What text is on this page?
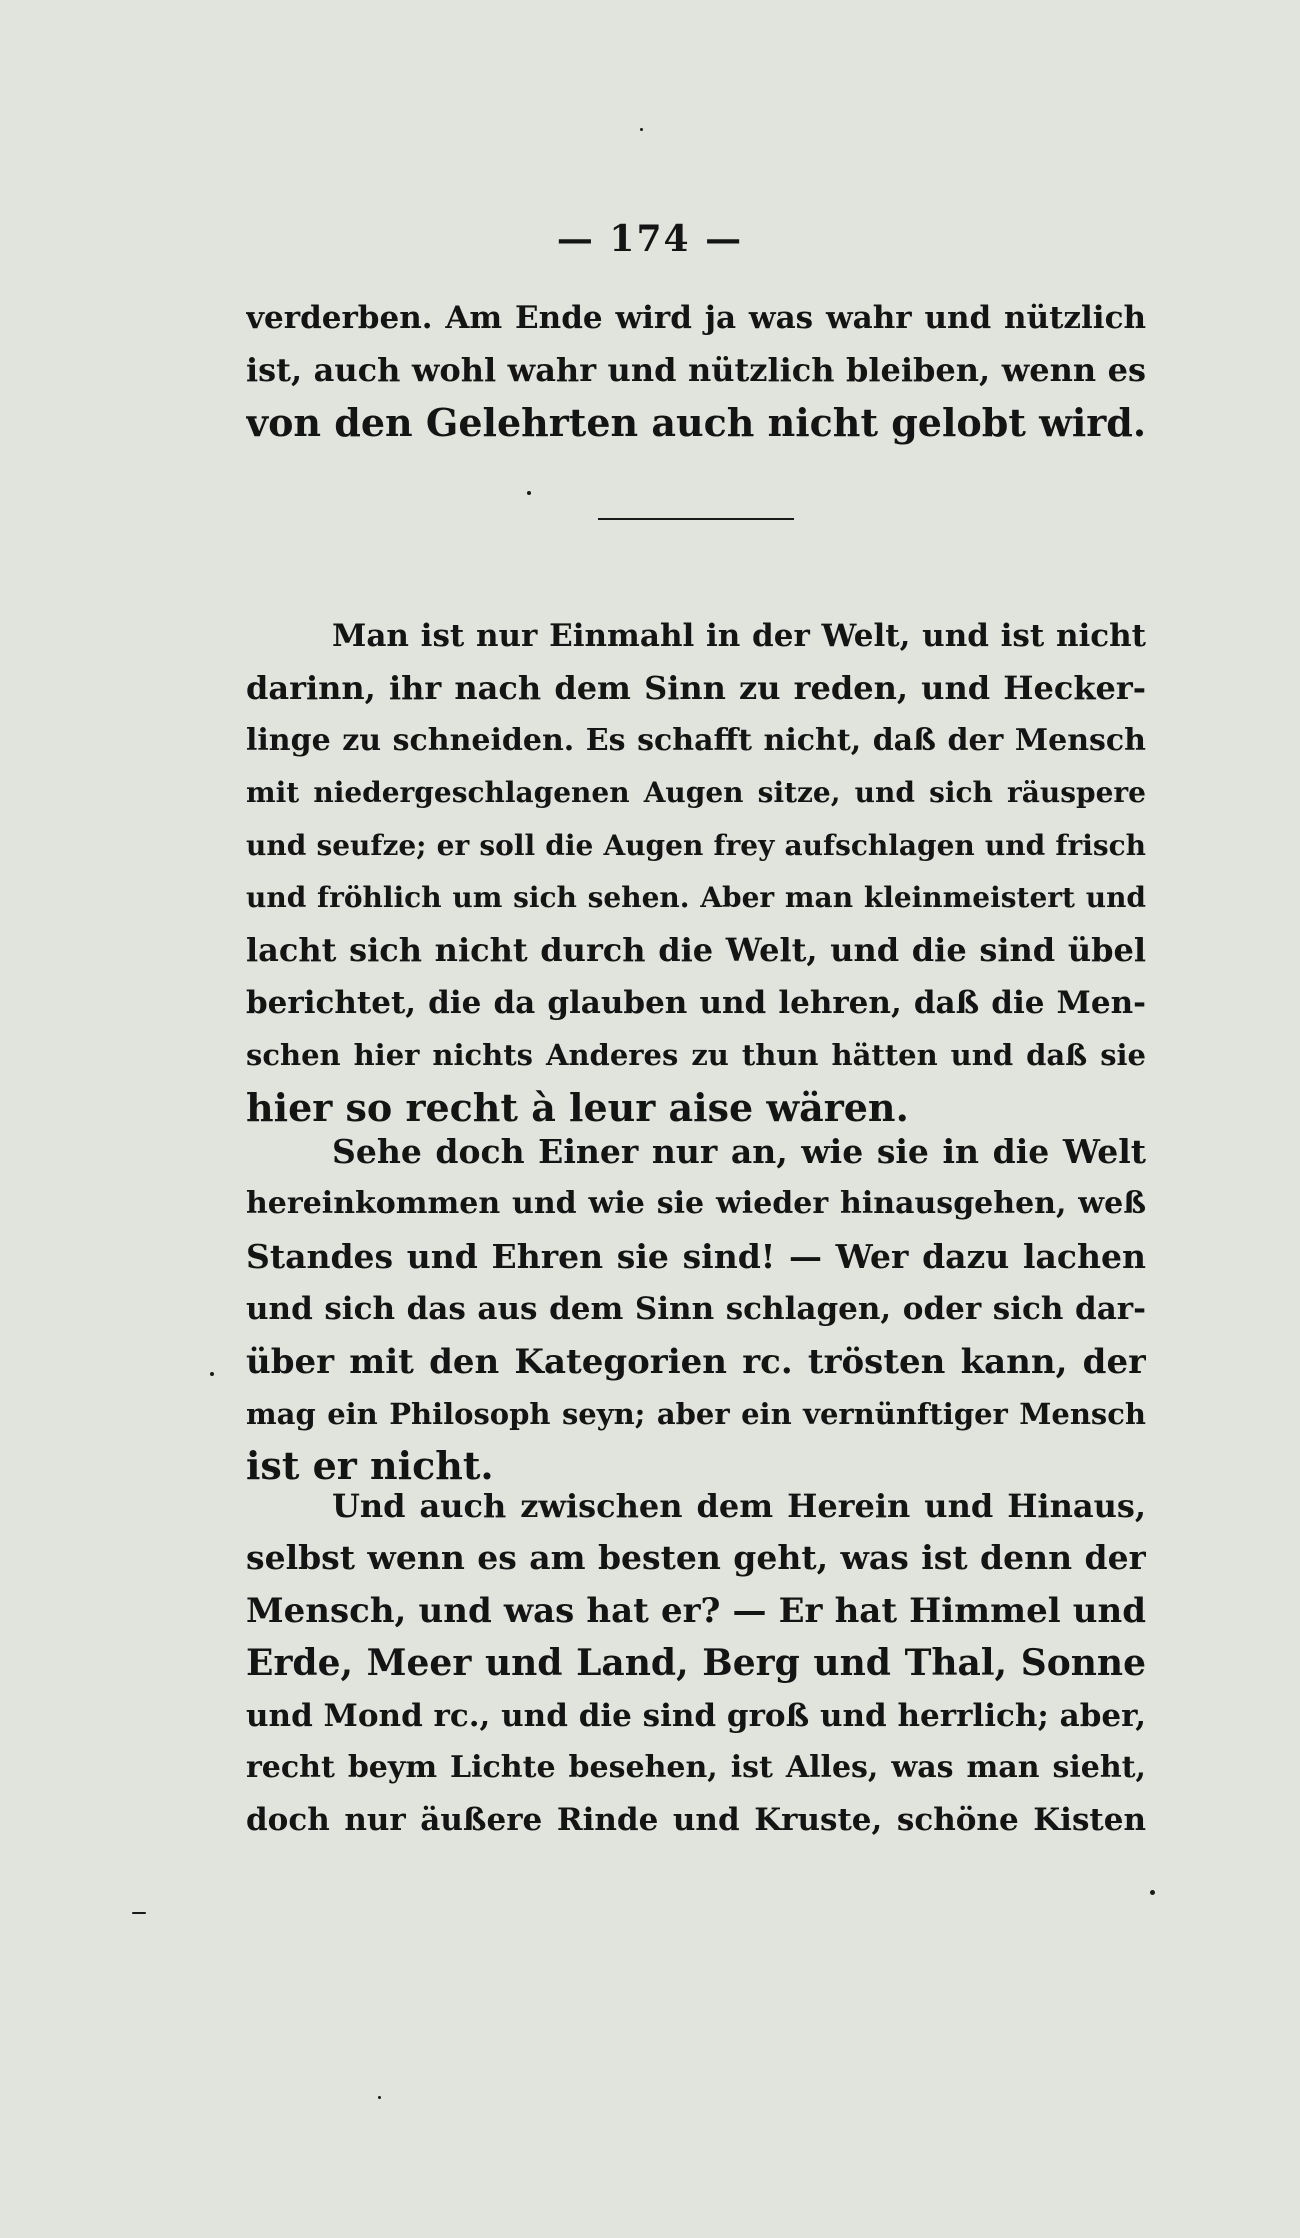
— 174 —
verderben. Am Ende wird ja was wahr und nützlich
ist, auch wohl wahr und nützlich bleiben, wenn es
von den Gelehrten auch nicht gelobt wird.
Man ist nur Einmahl in der Welt, und ist nicht
darinn, ihr nach dem Sinn zu reden, und Hecker-
linge zu schneiden. Es schafft nicht, daß der Mensch
mit niedergeschlagenen Augen sitze, und sich räuspere
und seufze; er soll die Augen frey aufschlagen und frisch
und fröhlich um sich sehen. Aber man kleinmeistert und
lacht sich nicht durch die Welt, und die sind übel
berichtet, die da glauben und lehren, daß die Men-
schen hier nichts Anderes zu thun hätten und daß sie
hier so recht à leur aise wären.
Sehe doch Einer nur an, wie sie in die Welt
hereinkommen und wie sie wieder hinausgehen, weß
Standes und Ehren sie sind! — Wer dazu lachen
und sich das aus dem Sinn schlagen, oder sich dar-
über mit den Kategorien rc. trösten kann, der
mag ein Philosoph seyn; aber ein vernünftiger Mensch
ist er nicht.
Und auch zwischen dem Herein und Hinaus,
selbst wenn es am besten geht, was ist denn der
Mensch, und was hat er? — Er hat Himmel und
Erde, Meer und Land, Berg und Thal, Sonne
und Mond rc., und die sind groß und herrlich; aber,
recht beym Lichte besehen, ist Alles, was man sieht,
doch nur äußere Rinde und Kruste, schöne Kisten
